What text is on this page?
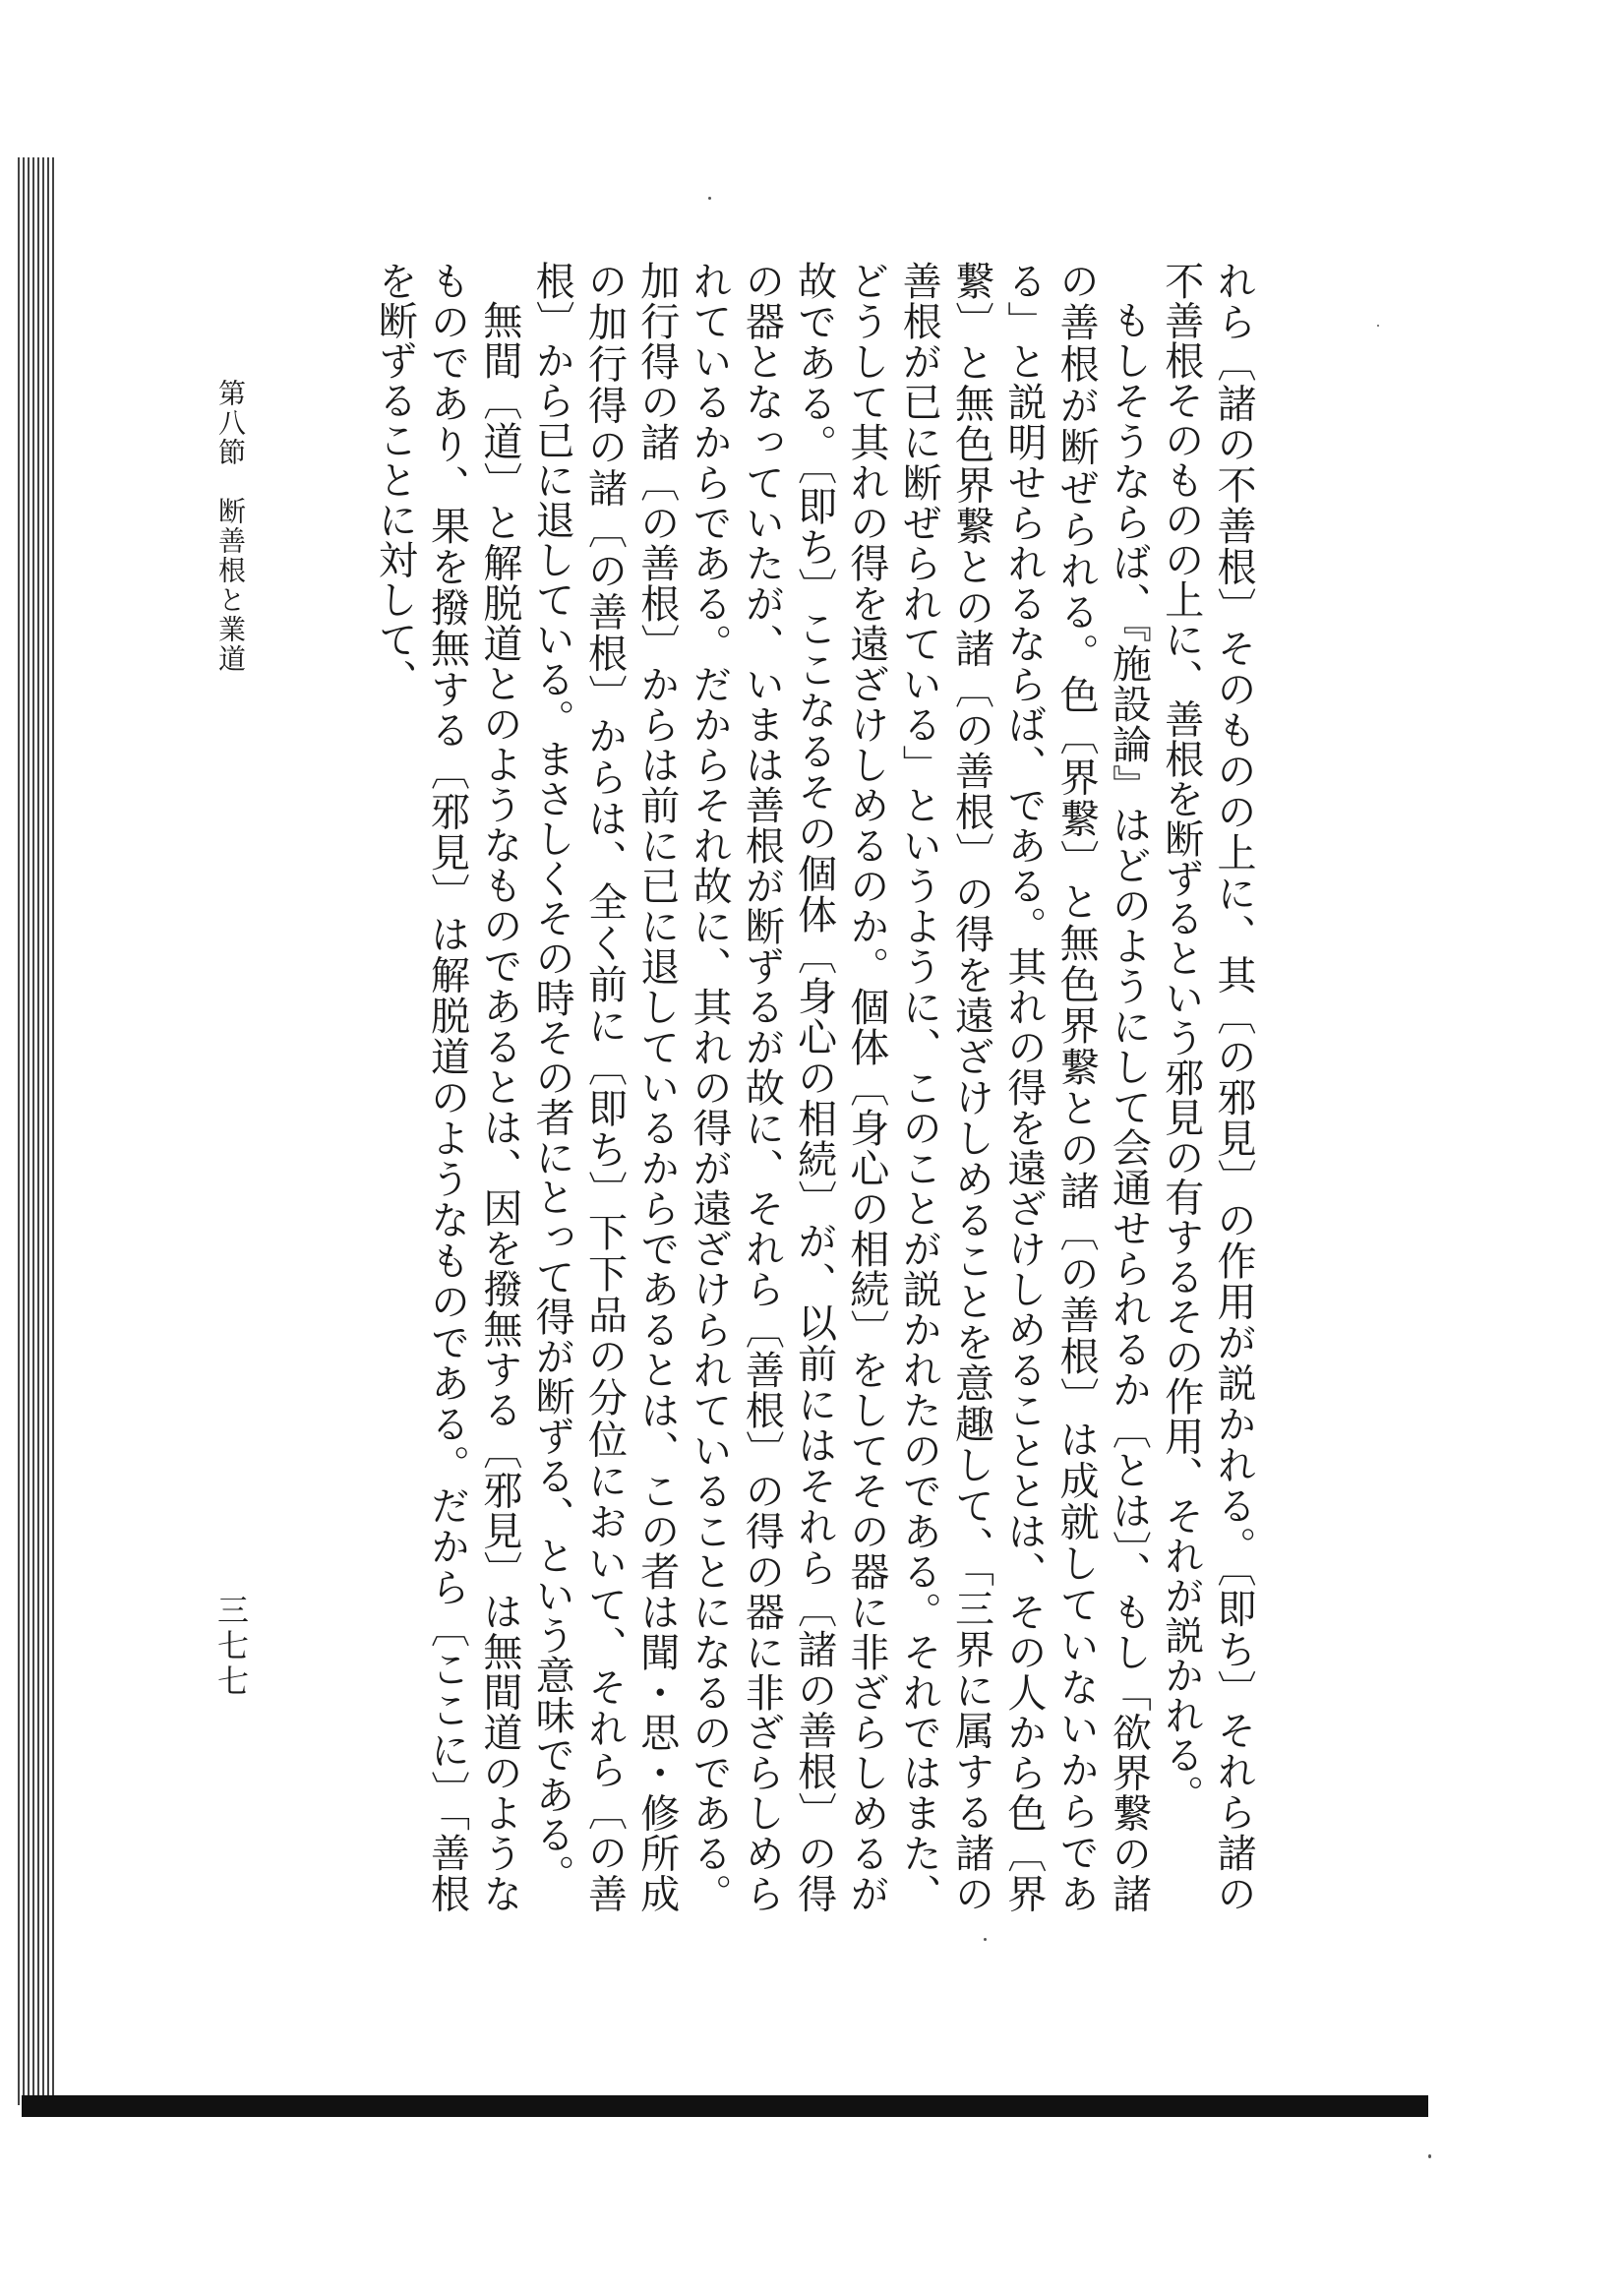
れら〔諸の不善根〕そのものの上に、其〔の邪見〕の作用が説かれる。〔即ち〕それら諸の不善根そのものの上に、善根を断ずるという邪見の有するその作用、それが説かれる。

もしそうならば、『施設論』はどのようにして会通せられるか〔とは〕、もし「欲界繋の諸の善根が断ぜられる。色〔界繋〕と無色界繋との諸〔の善根〕は成就していないからである」と説明せられるならば、である。其れの得を遠ざけしめることとは、その人から色〔界繋〕と無色界繋との諸〔の善根〕の得を遠ざけしめることを意趣して、「三界に属する諸の善根が已に断ぜられている」というように、このことが説かれたのである。それではまた、どうして其れの得を遠ざけしめるのか。個体〔身心の相続〕をしてその器に非ざらしめるが故である。〔即ち〕ここなるその個体〔身心の相続〕が、以前にはそれら〔諸の善根〕の得の器となっていたが、いまは善根が断ずるが故に、それら〔善根〕の得の器に非ざらしめられているからである。だからそれ故に、其れの得が遠ざけられていることになるのである。加行得の諸〔の善根〕からは前に已に退しているからであるとは、この者は聞・思・修所成の加行得の諸〔の善根〕からは、全く前に〔即ち〕下下品の分位において、それら〔の善根〕から已に退している。まさしくその時その者にとって得が断ずる、という意味である。

無間〔道〕と解脱道とのようなものであるとは、因を撥無する〔邪見〕は無間道のようなものであり、果を撥無する〔邪見〕は解脱道のようなものである。だから〔ここに〕「善根を断ずることに対して、

第八節断善根と業道
三七七
